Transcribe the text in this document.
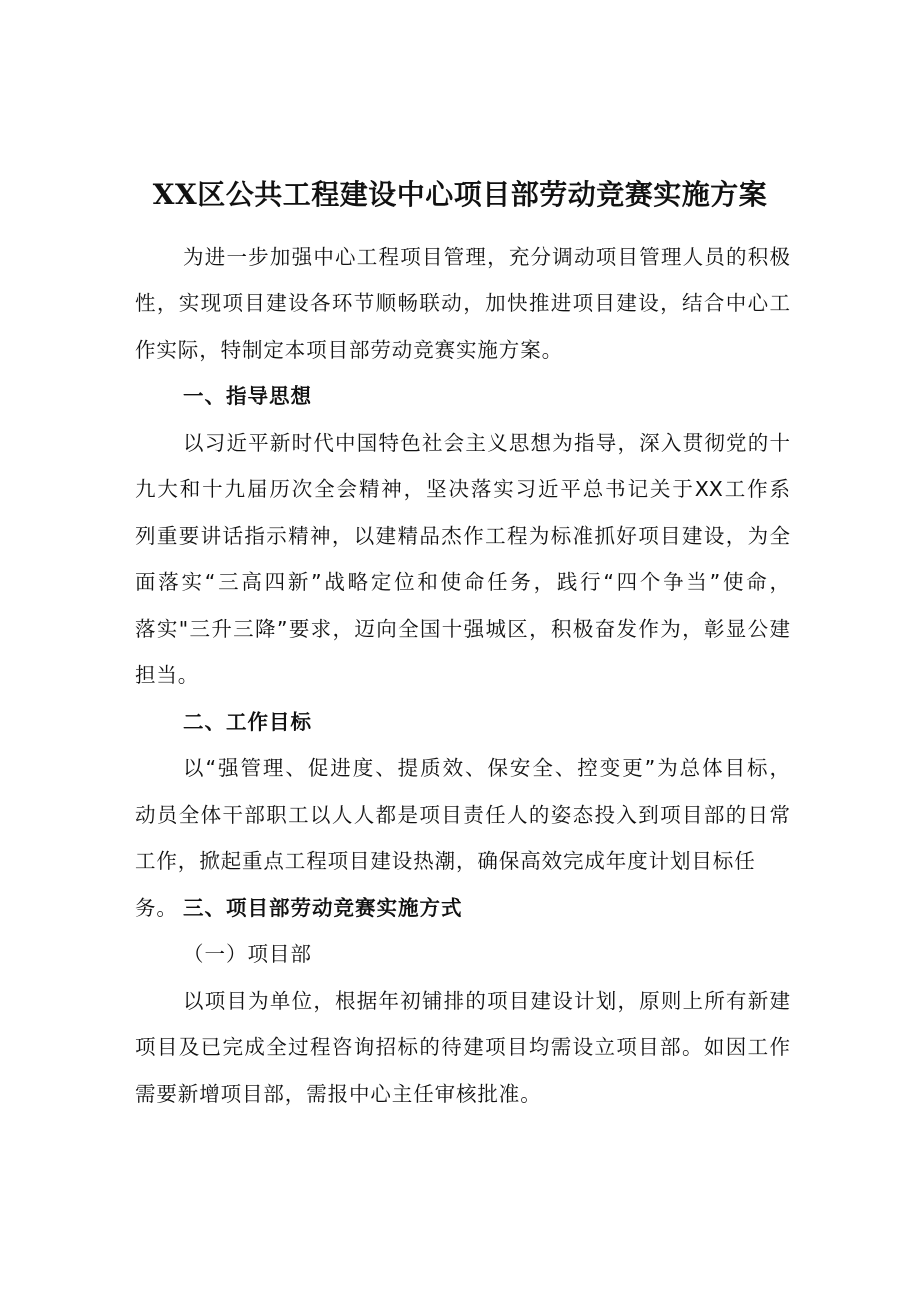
XX区公共工程建设中心项目部劳动竞赛实施方案
为进一步加强中心工程项目管理，充分调动项目管理人员的积极
性，实现项目建设各环节顺畅联动，加快推进项目建设，结合中心工
作实际，特制定本项目部劳动竞赛实施方案。
一、指导思想
以习近平新时代中国特色社会主义思想为指导，深入贯彻党的十
九大和十九届历次全会精神，坚决落实习近平总书记关于XX工作系
列重要讲话指示精神，以建精品杰作工程为标准抓好项目建设，为全
面落实“三高四新”战略定位和使命任务，践行“四个争当”使命，
落实"三升三降”要求，迈向全国十强城区，积极奋发作为，彰显公建
担当。
二、工作目标
以“强管理、促进度、提质效、保安全、控变更”为总体目标，
动员全体干部职工以人人都是项目责任人的姿态投入到项目部的日常
工作，掀起重点工程项目建设热潮，确保高效完成年度计划目标任务。 三、项目部劳动竞赛实施方式
（一）项目部
以项目为单位，根据年初铺排的项目建设计划，原则上所有新建
项目及已完成全过程咨询招标的待建项目均需设立项目部。如因工作
需要新增项目部，需报中心主任审核批准。
